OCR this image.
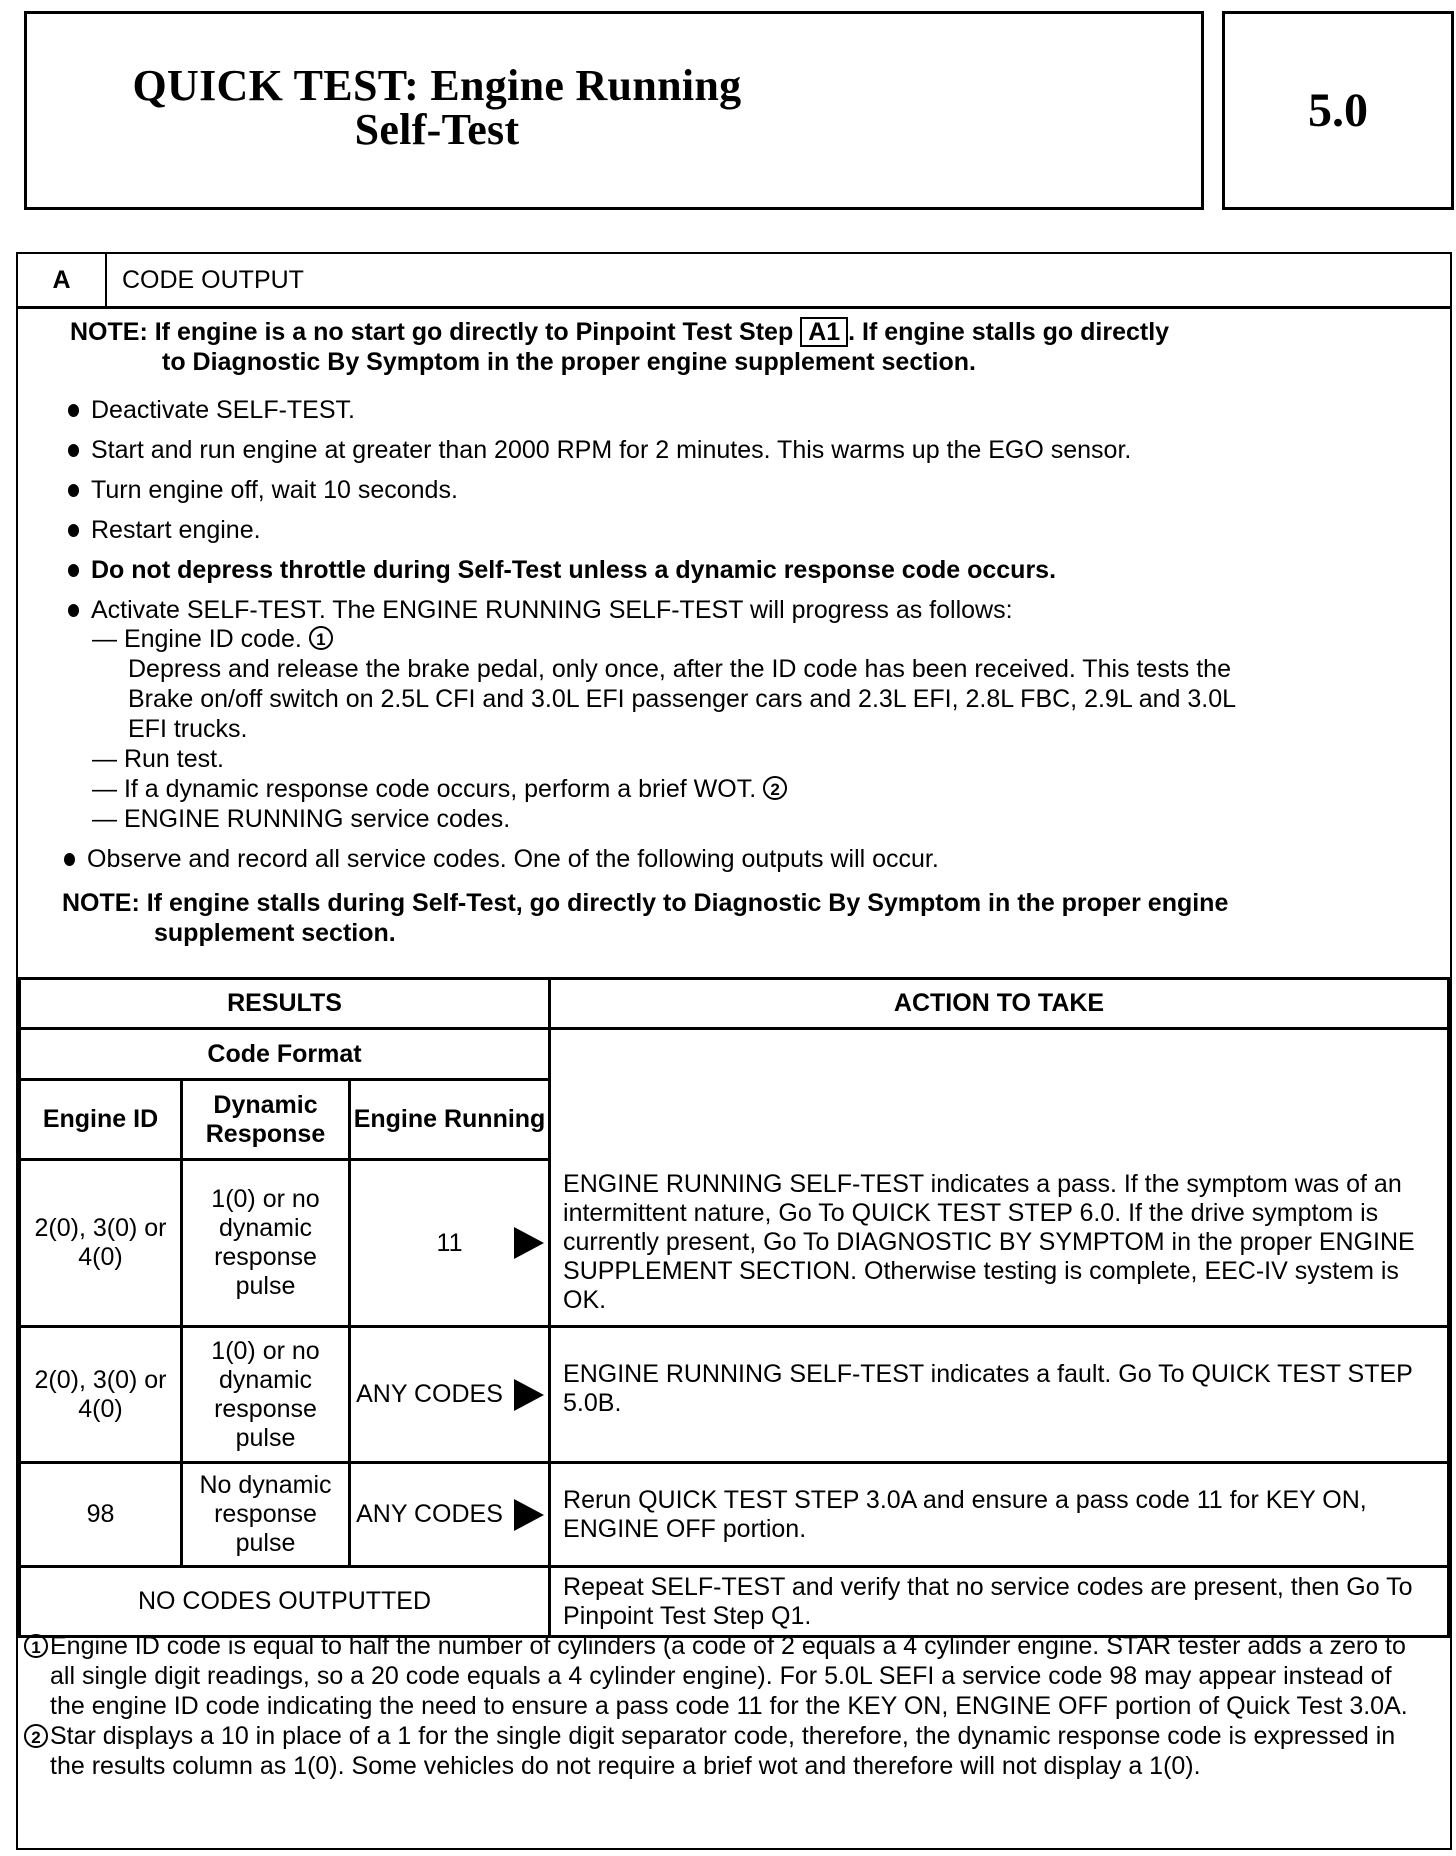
QUICK TEST: Engine Running
Self-Test	5.0
A	CODE OUTPUT
NOTE: If engine is a no start go directly to Pinpoint Test Step A1 . If engine stalls go directly
to Diagnostic By Symptom in the proper engine supplement section.
Deactivate SELF-TEST.
Start and run engine at greater than 2000 RPM for 2 minutes. This warms up the EGO sensor.
Turn engine off, wait 10 seconds.
Restart engine.
Do not depress throttle during Self-Test unless a dynamic response code occurs.
Activate SELF-TEST. The ENGINE RUNNING SELF-TEST will progress as follows:
— Engine ID code. 1
Depress and release the brake pedal, only once, after the ID code has been received. This tests the
Brake on/off switch on 2.5L CFI and 3.0L EFI passenger cars and 2.3L EFI, 2.8L FBC, 2.9L and 3.0L
EFI trucks.
— Run test.
— If a dynamic response code occurs, perform a brief WOT. 2
— ENGINE RUNNING service codes.
Observe and record all service codes. One of the following outputs will occur.
NOTE: If engine stalls during Self-Test, go directly to Diagnostic By Symptom in the proper engine
supplement section.
RESULTS			ACTION TO TAKE
Code Format			
Engine ID	Dynamic Response	Engine Running	
2(0), 3(0) or 4(0)	1(0) or no dynamic response pulse	11	ENGINE RUNNING SELF-TEST indicates a pass. If the symptom was of an intermittent nature, Go To QUICK TEST STEP 6.0. If the drive symptom is currently present, Go To DIAGNOSTIC BY SYMPTOM in the proper ENGINE SUPPLEMENT SECTION. Otherwise testing is complete, EEC-IV system is OK.
2(0), 3(0) or 4(0)	1(0) or no dynamic response pulse	ANY CODES	ENGINE RUNNING SELF-TEST indicates a fault. Go To QUICK TEST STEP 5.0B.
98	No dynamic response pulse	ANY CODES	Rerun QUICK TEST STEP 3.0A and ensure a pass code 11 for KEY ON, ENGINE OFF portion.
NO CODES OUTPUTTED			Repeat SELF-TEST and verify that no service codes are present, then Go To Pinpoint Test Step Q1.
1 Engine ID code is equal to half the number of cylinders (a code of 2 equals a 4 cylinder engine. STAR tester adds a zero to all single digit readings, so a 20 code equals a 4 cylinder engine). For 5.0L SEFI a service code 98 may appear instead of the engine ID code indicating the need to ensure a pass code 11 for the KEY ON, ENGINE OFF portion of Quick Test 3.0A.
2 Star displays a 10 in place of a 1 for the single digit separator code, therefore, the dynamic response code is expressed in the results column as 1(0). Some vehicles do not require a brief wot and therefore will not display a 1(0).
